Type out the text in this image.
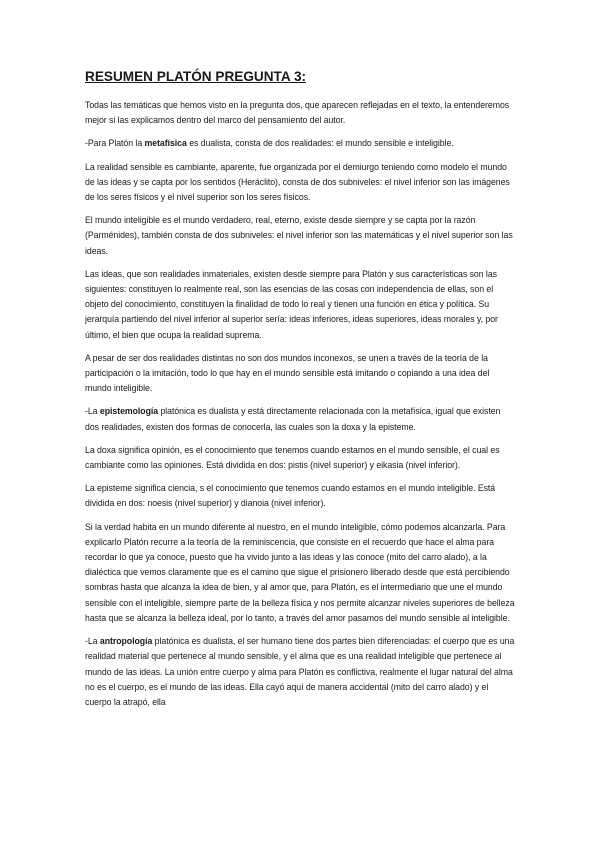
RESUMEN PLATÓN PREGUNTA 3:

Todas las temáticas que hemos visto en la pregunta dos, que aparecen reflejadas en el texto, la entenderemos mejor si las explicamos dentro del marco del pensamiento del autor.

-Para Platón la metafísica es dualista, consta de dos realidades: el mundo sensible e inteligible.

La realidad sensible es cambiante, aparente, fue organizada por el demiurgo teniendo como modelo el mundo de las ideas y se capta por los sentidos (Heráclito), consta de dos subniveles: el nivel inferior son las imágenes de los seres físicos y el nivel superior son los seres físicos.

El mundo inteligible es el mundo verdadero, real, eterno, existe desde siempre y se capta por la razón (Parménides), también consta de dos subniveles: el nivel inferior son las matemáticas y el nivel superior son las ideas.

Las ideas, que son realidades inmateriales, existen desde siempre para Platón y sus características son las siguientes: constituyen lo realmente real, son las esencias de las cosas con independencia de ellas, son el objeto del conocimiento, constituyen la finalidad de todo lo real y tienen una función en ética y política. Su jerarquía partiendo del nivel inferior al superior sería: ideas inferiores, ideas superiores, ideas morales y, por último, el bien que ocupa la realidad suprema.

A pesar de ser dos realidades distintas no son dos mundos inconexos, se unen a través de la teoría de la participación o la imitación, todo lo que hay en el mundo sensible está imitando o copiando a una idea del mundo inteligible.

-La epistemología platónica es dualista y está directamente relacionada con la metafísica, igual que existen dos realidades, existen dos formas de conocerla, las cuales son la doxa y la episteme.

La doxa significa opinión, es el conocimiento que tenemos cuando estamos en el mundo sensible, el cual es cambiante como las opiniones. Está dividida en dos: pistis (nivel superior) y eikasia (nivel inferior).

La episteme significa ciencia, s el conocimiento que tenemos cuando estamos en el mundo inteligible. Está dividida en dos: noesis (nivel superior) y dianoia (nivel inferior).

Si la verdad habita en un mundo diferente al nuestro, en el mundo inteligible, cómo podemos alcanzarla. Para explicarlo Platón recurre a la teoría de la reminiscencia, que consiste en el recuerdo que hace el alma para recordar lo que ya conoce, puesto que ha vivido junto a las ideas y las conoce (mito del carro alado), a la dialéctica que vemos claramente que es el camino que sigue el prisionero liberado desde que está percibiendo sombras hasta que alcanza la idea de bien, y al amor que, para Platón, es el intermediario que une el mundo sensible con el inteligible, siempre parte de la belleza física y nos permite alcanzar niveles superiores de belleza hasta que se alcanza la belleza ideal, por lo tanto, a través del amor pasamos del mundo sensible al inteligible.

-La antropología platónica es dualista, el ser humano tiene dos partes bien diferenciadas: el cuerpo que es una realidad material que pertenece al mundo sensible, y el alma que es una realidad inteligible que pertenece al mundo de las ideas. La unión entre cuerpo y alma para Platón es conflictiva, realmente el lugar natural del alma no es el cuerpo, es el mundo de las ideas. Ella cayó aquí de manera accidental (mito del carro alado) y el cuerpo la atrapó, ella
